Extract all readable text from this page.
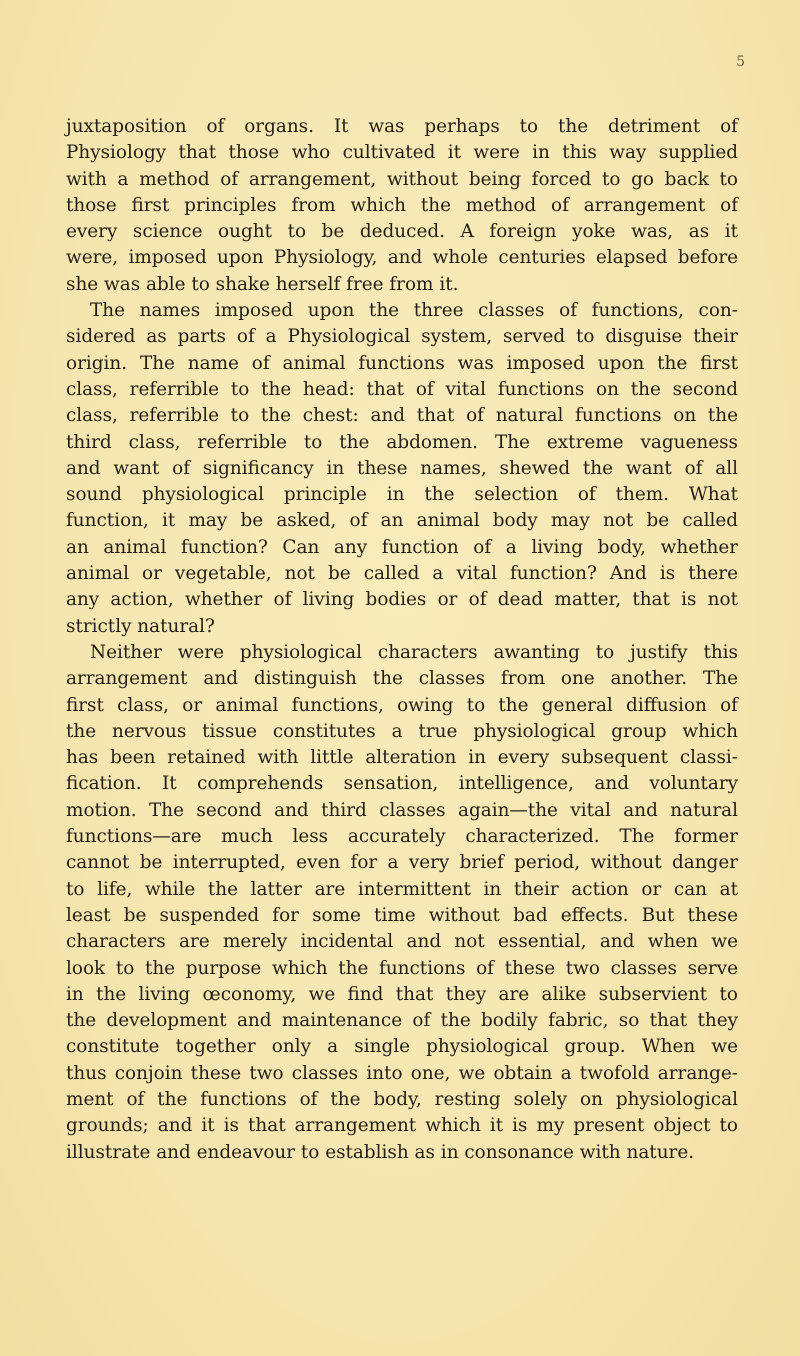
5

juxtaposition of organs. It was perhaps to the detriment of
Physiology that those who cultivated it were in this way supplied
with a method of arrangement, without being forced to go back to
those first principles from which the method of arrangement of
every science ought to be deduced. A foreign yoke was, as it
were, imposed upon Physiology, and whole centuries elapsed before
she was able to shake herself free from it.

The names imposed upon the three classes of functions, con-
sidered as parts of a Physiological system, served to disguise their
origin. The name of animal functions was imposed upon the first
class, referrible to the head: that of vital functions on the second
class, referrible to the chest: and that of natural functions on the
third class, referrible to the abdomen. The extreme vagueness
and want of significancy in these names, shewed the want of all
sound physiological principle in the selection of them. What
function, it may be asked, of an animal body may not be called
an animal function? Can any function of a living body, whether
animal or vegetable, not be called a vital function? And is there
any action, whether of living bodies or of dead matter, that is not
strictly natural?

Neither were physiological characters awanting to justify this
arrangement and distinguish the classes from one another. The
first class, or animal functions, owing to the general diffusion of
the nervous tissue constitutes a true physiological group which
has been retained with little alteration in every subsequent classi-
fication. It comprehends sensation, intelligence, and voluntary
motion. The second and third classes again—the vital and natural
functions—are much less accurately characterized. The former
cannot be interrupted, even for a very brief period, without danger
to life, while the latter are intermittent in their action or can at
least be suspended for some time without bad effects. But these
characters are merely incidental and not essential, and when we
look to the purpose which the functions of these two classes serve
in the living œconomy, we find that they are alike subservient to
the development and maintenance of the bodily fabric, so that they
constitute together only a single physiological group. When we
thus conjoin these two classes into one, we obtain a twofold arrange-
ment of the functions of the body, resting solely on physiological
grounds; and it is that arrangement which it is my present object to
illustrate and endeavour to establish as in consonance with nature.
